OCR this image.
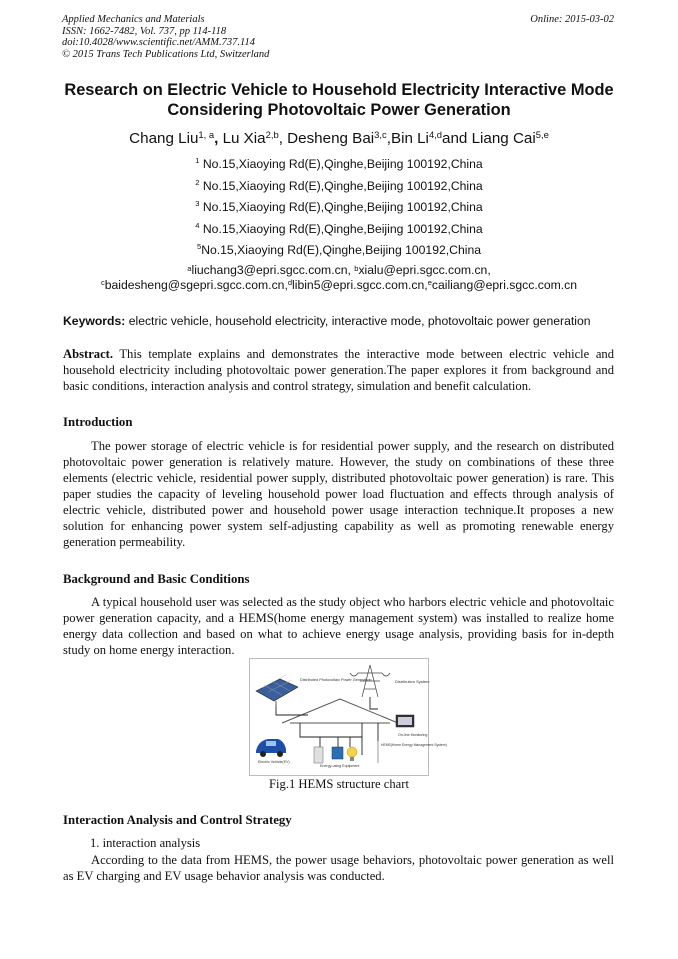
Applied Mechanics and Materials
ISSN: 1662-7482, Vol. 737, pp 114-118
doi:10.4028/www.scientific.net/AMM.737.114
© 2015 Trans Tech Publications Ltd, Switzerland
Online: 2015-03-02
Research on Electric Vehicle to Household Electricity Interactive Mode
Considering Photovoltaic Power Generation
Chang Liu$^{1, a}$, Lu Xia$^{2,b}$, Desheng Bai$^{3,c}$,Bin Li$^{4,d}$and Liang Cai$^{5,e}$
$^1$ No.15,Xiaoying Rd(E),Qinghe,Beijing 100192,China
$^2$ No.15,Xiaoying Rd(E),Qinghe,Beijing 100192,China
$^3$ No.15,Xiaoying Rd(E),Qinghe,Beijing 100192,China
$^4$ No.15,Xiaoying Rd(E),Qinghe,Beijing 100192,China
$^5$No.15,Xiaoying Rd(E),Qinghe,Beijing 100192,China
$^a$liuchang3@epri.sgcc.com.cn, $^b$xialu@epri.sgcc.com.cn,
$^c$baidesheng@sgepri.sgcc.com.cn,$^d$libin5@epri.sgcc.com.cn,$^e$cailiang@epri.sgcc.com.cn
Keywords: electric vehicle, household electricity, interactive mode, photovoltaic power generation
Abstract. This template explains and demonstrates the interactive mode between electric vehicle and household electricity including photovoltaic power generation.The paper explores it from background and basic conditions, interaction analysis and control strategy, simulation and benefit calculation.
Introduction
The power storage of electric vehicle is for residential power supply, and the research on distributed photovoltaic power generation is relatively mature. However, the study on combinations of these three elements (electric vehicle, residential power supply, distributed photovoltaic power generation) is rare. This paper studies the capacity of leveling household power load fluctuation and effects through analysis of electric vehicle, distributed power and household power usage interaction technique.It proposes a new solution for enhancing power system self-adjusting capability as well as promoting renewable energy generation permeability.
Background and Basic Conditions
A typical household user was selected as the study object who harbors electric vehicle and photovoltaic power generation capacity, and a HEMS(home energy management system) was installed to realize home energy data collection and based on what to achieve energy usage analysis, providing basis for in-depth study on home energy interaction.
Distributed Photovoltaic Power Generation	Distribution System
On-line Monitoring
HEMS(Home Energy Management System)
Electric Vehicle(EV)
Energy-using Equipment
Fig.1 HEMS structure chart
Interaction Analysis and Control Strategy
1. interaction analysis
According to the data from HEMS, the power usage behaviors, photovoltaic power generation as well as EV charging and EV usage behavior analysis was conducted.
